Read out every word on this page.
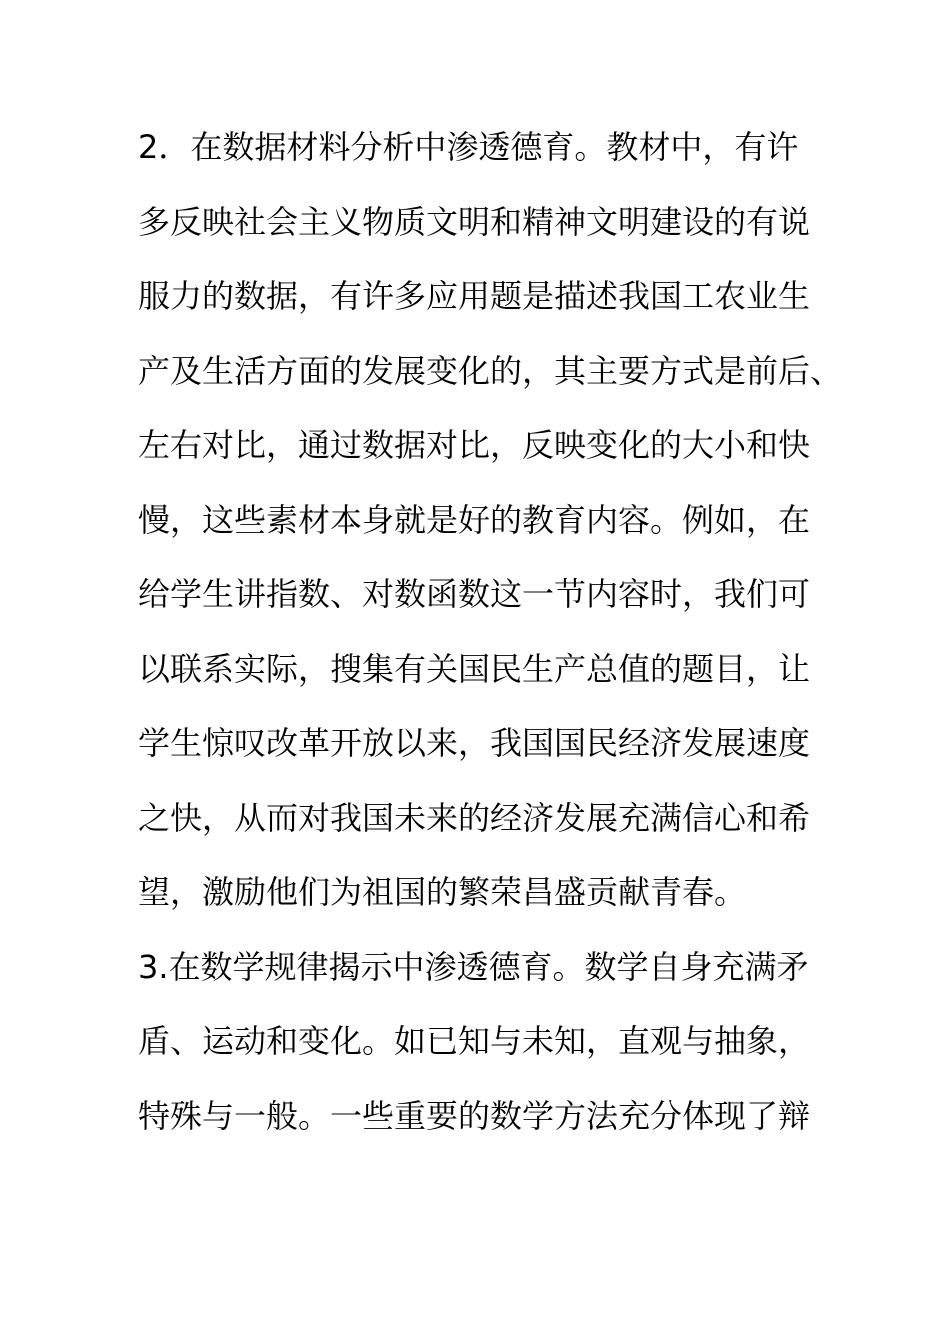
2．在数据材料分析中渗透德育。教材中，有许
多反映社会主义物质文明和精神文明建设的有说
服力的数据，有许多应用题是描述我国工农业生
产及生活方面的发展变化的，其主要方式是前后、
左右对比，通过数据对比，反映变化的大小和快
慢，这些素材本身就是好的教育内容。例如，在
给学生讲指数、对数函数这一节内容时，我们可
以联系实际，搜集有关国民生产总值的题目，让
学生惊叹改革开放以来，我国国民经济发展速度
之快，从而对我国未来的经济发展充满信心和希
望，激励他们为祖国的繁荣昌盛贡献青春。
3.在数学规律揭示中渗透德育。数学自身充满矛
盾、运动和变化。如已知与未知，直观与抽象，
特殊与一般。一些重要的数学方法充分体现了辩
